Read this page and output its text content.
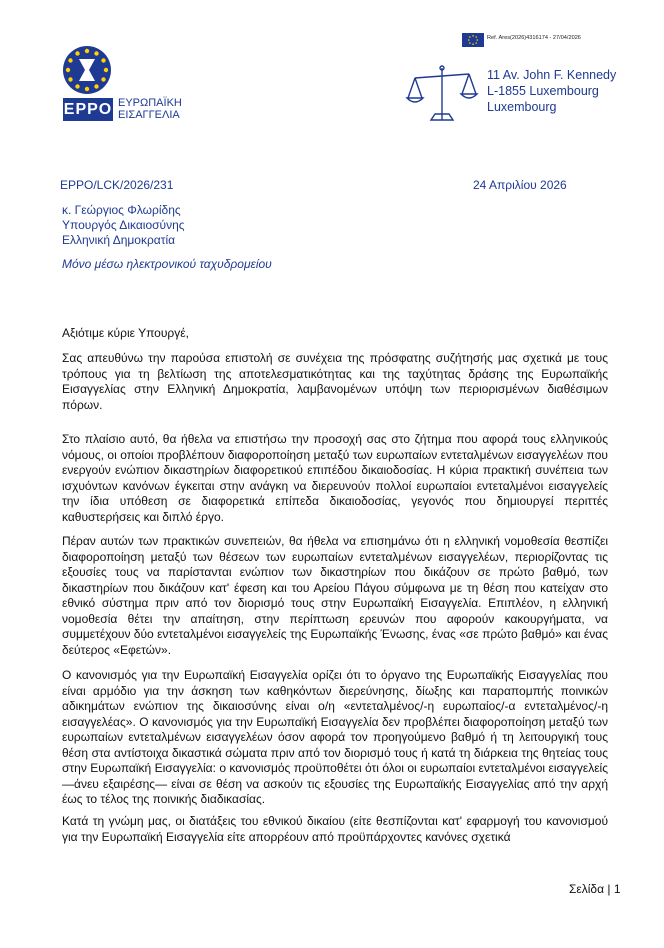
Ref. Ares(2026)4316174 - 27/04/2026
EPPO ΕΥΡΩΠΑΪΚΗ
ΕΙΣΑΓΓΕΛΙΑ
11 Av. John F. Kennedy
L-1855 Luxembourg
Luxembourg
EPPO/LCK/2026/231	24 Απριλίου 2026
κ. Γεώργιος Φλωρίδης
Υπουργός Δικαιοσύνης
Ελληνική Δημοκρατία
Μόνο μέσω ηλεκτρονικού ταχυδρομείου
Αξιότιμε κύριε Υπουργέ,
Σας απευθύνω την παρούσα επιστολή σε συνέχεια της πρόσφατης συζήτησής μας σχετικά με τους τρόπους για τη βελτίωση της αποτελεσματικότητας και της ταχύτητας δράσης της Ευρωπαϊκής Εισαγγελίας στην Ελληνική Δημοκρατία, λαμβανομένων υπόψη των περιορισμένων διαθέσιμων πόρων.
Στο πλαίσιο αυτό, θα ήθελα να επιστήσω την προσοχή σας στο ζήτημα που αφορά τους ελληνικούς νόμους, οι οποίοι προβλέπουν διαφοροποίηση μεταξύ των ευρωπαίων εντεταλμένων εισαγγελέων που ενεργούν ενώπιον δικαστηρίων διαφορετικού επιπέδου δικαιοδοσίας. Η κύρια πρακτική συνέπεια των ισχυόντων κανόνων έγκειται στην ανάγκη να διερευνούν πολλοί ευρωπαίοι εντεταλμένοι εισαγγελείς την ίδια υπόθεση σε διαφορετικά επίπεδα δικαιοδοσίας, γεγονός που δημιουργεί περιττές καθυστερήσεις και διπλό έργο.
Πέραν αυτών των πρακτικών συνεπειών, θα ήθελα να επισημάνω ότι η ελληνική νομοθεσία θεσπίζει διαφοροποίηση μεταξύ των θέσεων των ευρωπαίων εντεταλμένων εισαγγελέων, περιορίζοντας τις εξουσίες τους να παρίστανται ενώπιον των δικαστηρίων που δικάζουν σε πρώτο βαθμό, των δικαστηρίων που δικάζουν κατ' έφεση και του Αρείου Πάγου σύμφωνα με τη θέση που κατείχαν στο εθνικό σύστημα πριν από τον διορισμό τους στην Ευρωπαϊκή Εισαγγελία. Επιπλέον, η ελληνική νομοθεσία θέτει την απαίτηση, στην περίπτωση ερευνών που αφορούν κακουργήματα, να συμμετέχουν δύο εντεταλμένοι εισαγγελείς της Ευρωπαϊκής Ένωσης, ένας «σε πρώτο βαθμό» και ένας δεύτερος «Εφετών».
Ο κανονισμός για την Ευρωπαϊκή Εισαγγελία ορίζει ότι το όργανο της Ευρωπαϊκής Εισαγγελίας που είναι αρμόδιο για την άσκηση των καθηκόντων διερεύνησης, δίωξης και παραπομπής ποινικών αδικημάτων ενώπιον της δικαιοσύνης είναι ο/η «εντεταλμένος/-η ευρωπαίος/-α εντεταλμένος/-η εισαγγελέας». Ο κανονισμός για την Ευρωπαϊκή Εισαγγελία δεν προβλέπει διαφοροποίηση μεταξύ των ευρωπαίων εντεταλμένων εισαγγελέων όσον αφορά τον προηγούμενο βαθμό ή τη λειτουργική τους θέση στα αντίστοιχα δικαστικά σώματα πριν από τον διορισμό τους ή κατά τη διάρκεια της θητείας τους στην Ευρωπαϊκή Εισαγγελία: ο κανονισμός προϋποθέτει ότι όλοι οι ευρωπαίοι εντεταλμένοι εισαγγελείς —άνευ εξαιρέσης— είναι σε θέση να ασκούν τις εξουσίες της Ευρωπαϊκής Εισαγγελίας από την αρχή έως το τέλος της ποινικής διαδικασίας.
Κατά τη γνώμη μας, οι διατάξεις του εθνικού δικαίου (είτε θεσπίζονται κατ' εφαρμογή του κανονισμού για την Ευρωπαϊκή Εισαγγελία είτε απορρέουν από προϋπάρχοντες κανόνες σχετικά
Σελίδα | 1
